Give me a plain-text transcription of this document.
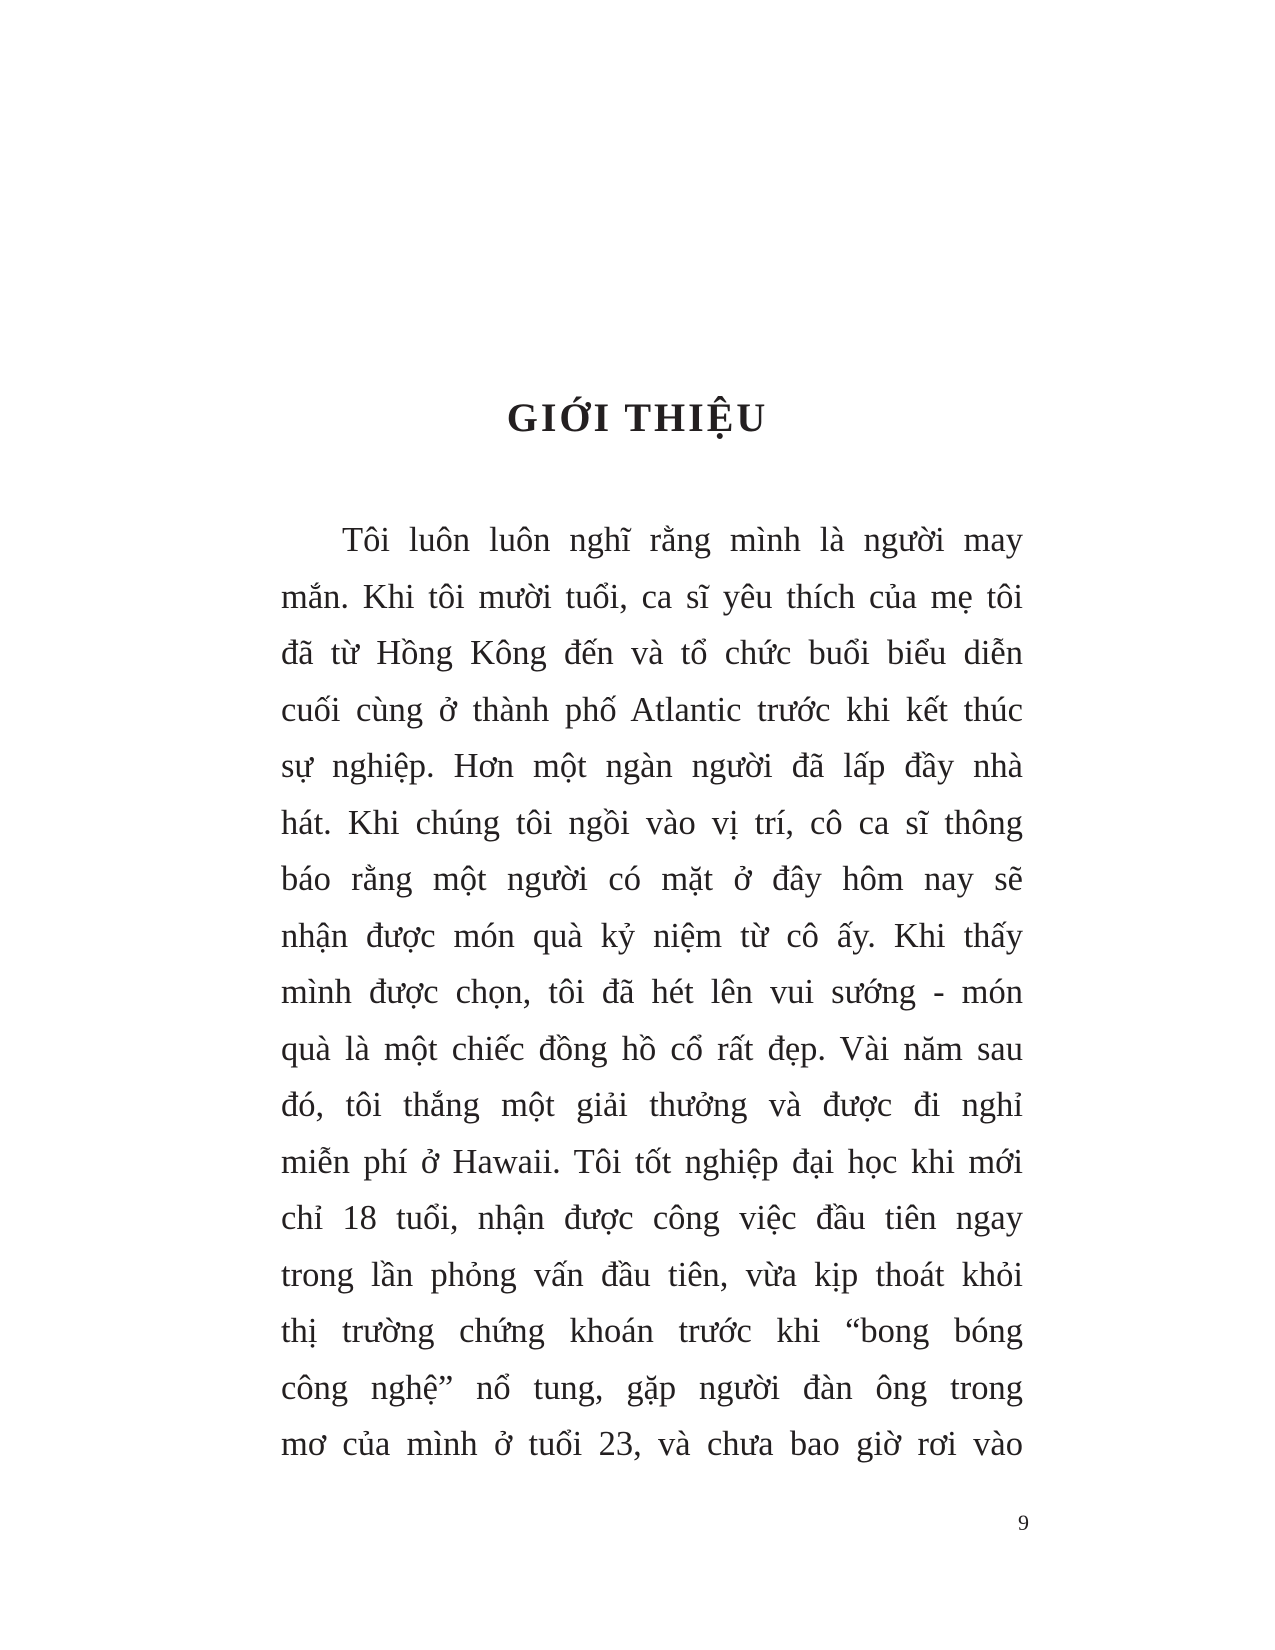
GIỚI THIỆU
Tôi luôn luôn nghĩ rằng mình là người may
mắn. Khi tôi mười tuổi, ca sĩ yêu thích của mẹ tôi
đã từ Hồng Kông đến và tổ chức buổi biểu diễn
cuối cùng ở thành phố Atlantic trước khi kết thúc
sự nghiệp. Hơn một ngàn người đã lấp đầy nhà
hát. Khi chúng tôi ngồi vào vị trí, cô ca sĩ thông
báo rằng một người có mặt ở đây hôm nay sẽ
nhận được món quà kỷ niệm từ cô ấy. Khi thấy
mình được chọn, tôi đã hét lên vui sướng - món
quà là một chiếc đồng hồ cổ rất đẹp. Vài năm sau
đó, tôi thắng một giải thưởng và được đi nghỉ
miễn phí ở Hawaii. Tôi tốt nghiệp đại học khi mới
chỉ 18 tuổi, nhận được công việc đầu tiên ngay
trong lần phỏng vấn đầu tiên, vừa kịp thoát khỏi
thị trường chứng khoán trước khi “bong bóng
công nghệ” nổ tung, gặp người đàn ông trong
mơ của mình ở tuổi 23, và chưa bao giờ rơi vào
9
